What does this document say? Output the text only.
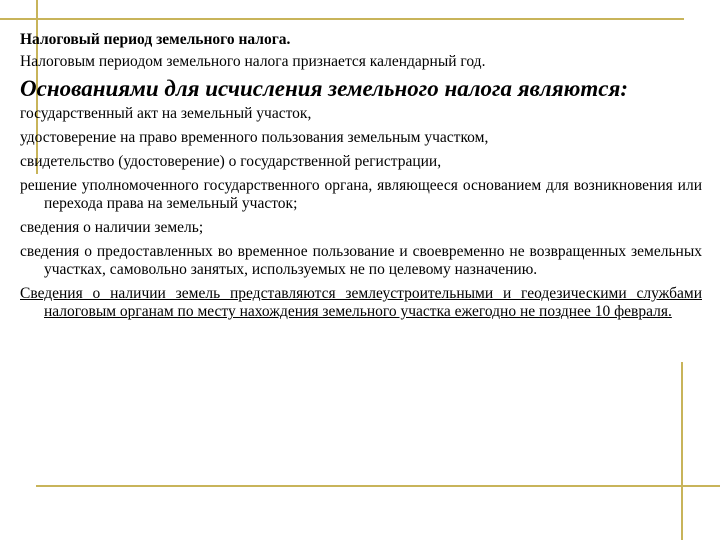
Налоговый период земельного налога.

Налоговым периодом земельного налога признается календарный год.

Основаниями для исчисления земельного налога являются:

государственный акт на земельный участок,
удостоверение на право временного пользования земельным участком,
свидетельство (удостоверение) о государственной регистрации,
решение уполномоченного государственного органа, являющееся основанием для возникновения или перехода права на земельный участок;
сведения о наличии земель;
сведения о предоставленных во временное пользование и своевременно не возвращенных земельных участках, самовольно занятых, используемых не по целевому назначению.
Сведения о наличии земель представляются землеустроительными и геодезическими службами налоговым органам по месту нахождения земельного участка ежегодно не позднее 10 февраля.
